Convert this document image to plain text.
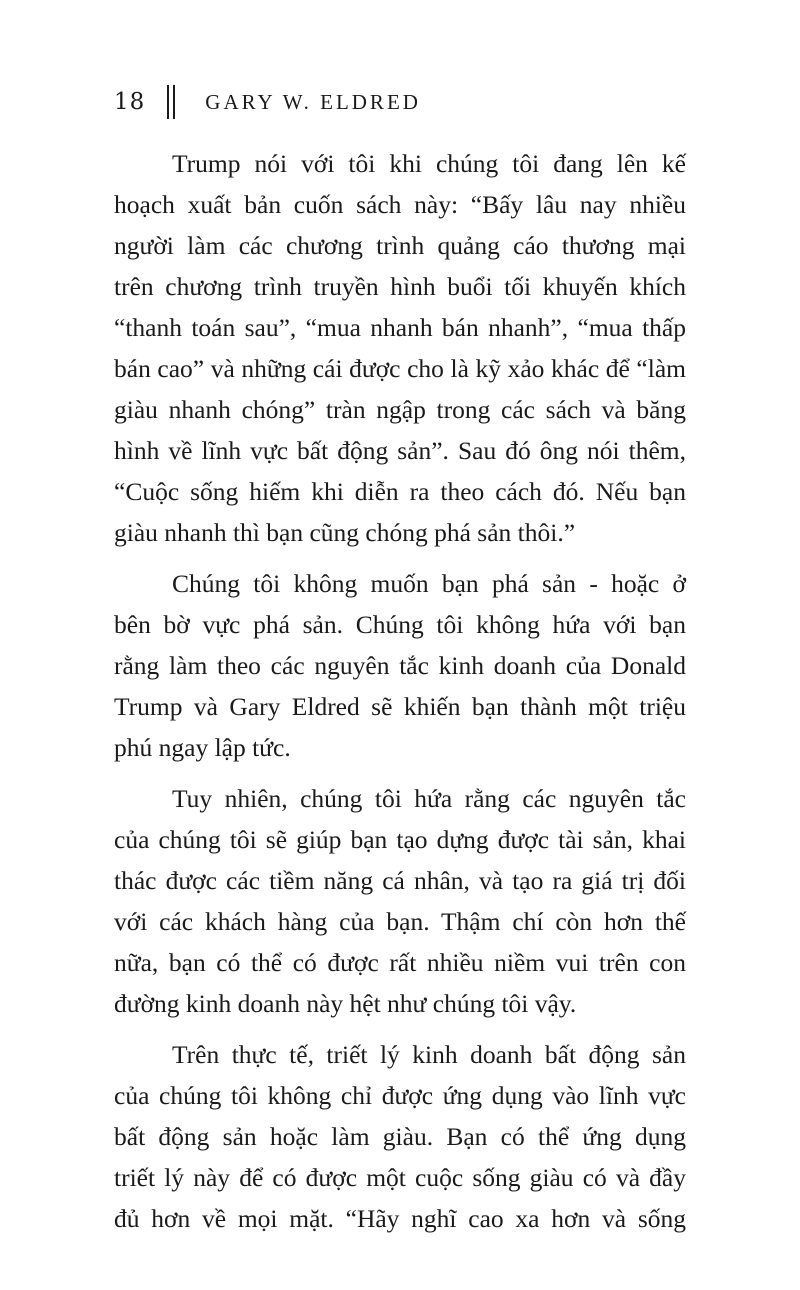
18	GARY W. ELDRED
Trump nói với tôi khi chúng tôi đang lên kế
hoạch xuất bản cuốn sách này: “Bấy lâu nay nhiều
người làm các chương trình quảng cáo thương mại
trên chương trình truyền hình buổi tối khuyến khích
“thanh toán sau”, “mua nhanh bán nhanh”, “mua thấp
bán cao” và những cái được cho là kỹ xảo khác để “làm
giàu nhanh chóng” tràn ngập trong các sách và băng
hình về lĩnh vực bất động sản”. Sau đó ông nói thêm,
“Cuộc sống hiếm khi diễn ra theo cách đó. Nếu bạn
giàu nhanh thì bạn cũng chóng phá sản thôi.”
Chúng tôi không muốn bạn phá sản - hoặc ở
bên bờ vực phá sản. Chúng tôi không hứa với bạn
rằng làm theo các nguyên tắc kinh doanh của Donald
Trump và Gary Eldred sẽ khiến bạn thành một triệu
phú ngay lập tức.
Tuy nhiên, chúng tôi hứa rằng các nguyên tắc
của chúng tôi sẽ giúp bạn tạo dựng được tài sản, khai
thác được các tiềm năng cá nhân, và tạo ra giá trị đối
với các khách hàng của bạn. Thậm chí còn hơn thế
nữa, bạn có thể có được rất nhiều niềm vui trên con
đường kinh doanh này hệt như chúng tôi vậy.
Trên thực tế, triết lý kinh doanh bất động sản
của chúng tôi không chỉ được ứng dụng vào lĩnh vực
bất động sản hoặc làm giàu. Bạn có thể ứng dụng
triết lý này để có được một cuộc sống giàu có và đầy
đủ hơn về mọi mặt. “Hãy nghĩ cao xa hơn và sống
